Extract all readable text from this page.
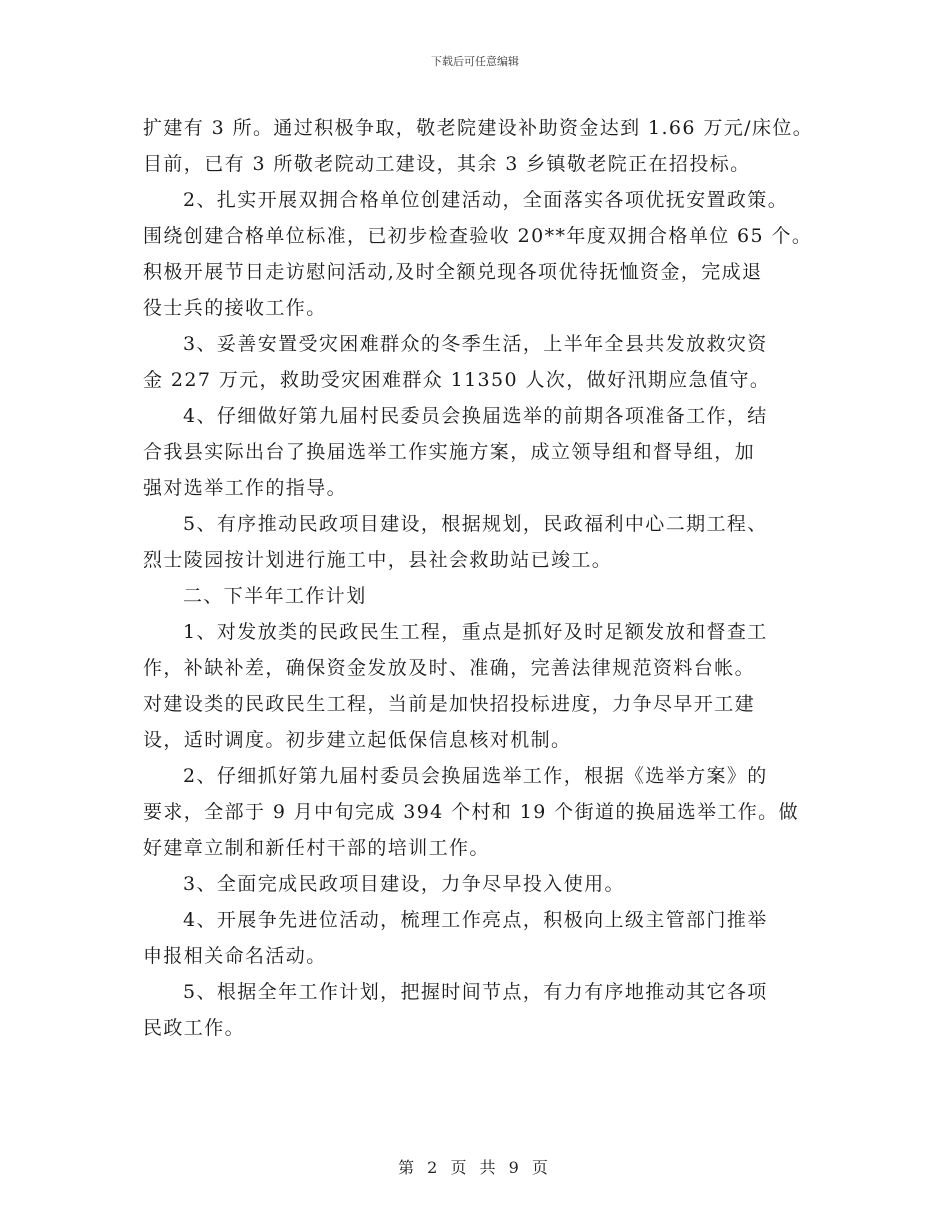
下载后可任意编辑
扩建有 3 所。通过积极争取，敬老院建设补助资金达到 1.66 万元/床位。
目前，已有 3 所敬老院动工建设，其余 3 乡镇敬老院正在招投标。
2、扎实开展双拥合格单位创建活动，全面落实各项优抚安置政策。
围绕创建合格单位标准，已初步检查验收 20**年度双拥合格单位 65 个。
积极开展节日走访慰问活动,及时全额兑现各项优待抚恤资金，完成退
役士兵的接收工作。
3、妥善安置受灾困难群众的冬季生活，上半年全县共发放救灾资
金 227 万元，救助受灾困难群众 11350 人次，做好汛期应急值守。
4、仔细做好第九届村民委员会换届选举的前期各项准备工作，结
合我县实际出台了换届选举工作实施方案，成立领导组和督导组，加
强对选举工作的指导。
5、有序推动民政项目建设，根据规划，民政福利中心二期工程、
烈士陵园按计划进行施工中，县社会救助站已竣工。
二、下半年工作计划
1、对发放类的民政民生工程，重点是抓好及时足额发放和督查工
作，补缺补差，确保资金发放及时、准确，完善法律规范资料台帐。
对建设类的民政民生工程，当前是加快招投标进度，力争尽早开工建
设，适时调度。初步建立起低保信息核对机制。
2、仔细抓好第九届村委员会换届选举工作，根据《选举方案》的
要求，全部于 9 月中旬完成 394 个村和 19 个街道的换届选举工作。做
好建章立制和新任村干部的培训工作。
3、全面完成民政项目建设，力争尽早投入使用。
4、开展争先进位活动，梳理工作亮点，积极向上级主管部门推举
申报相关命名活动。
5、根据全年工作计划，把握时间节点，有力有序地推动其它各项
民政工作。
第 2 页 共 9 页
